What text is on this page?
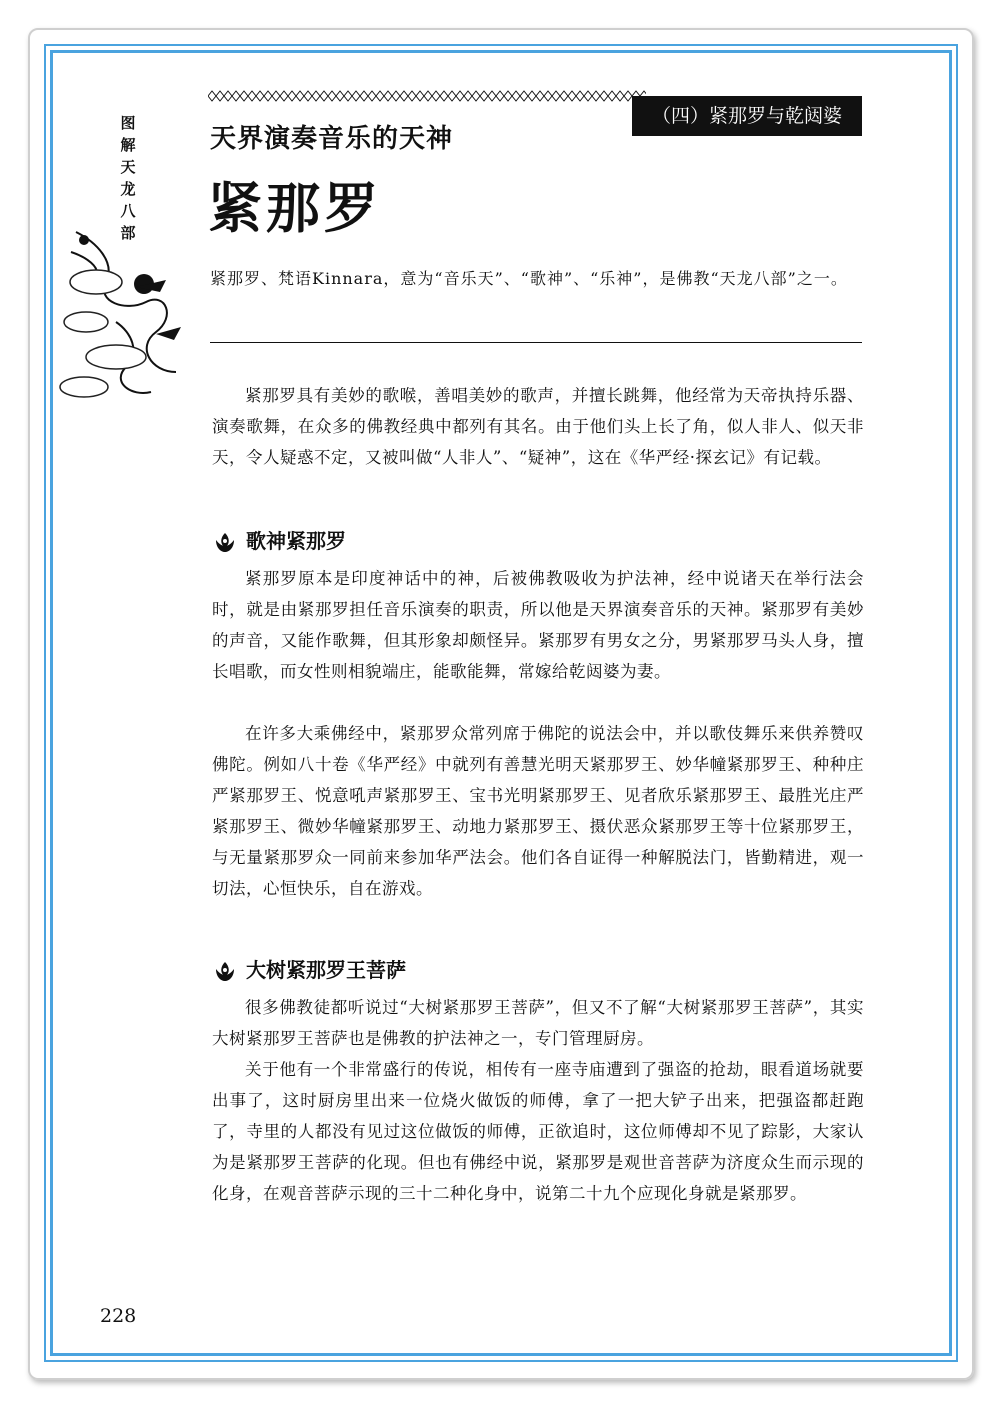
图
解
天
龙
八
部
（四）紧那罗与乾闼婆
天界演奏音乐的天神
紧那罗
紧那罗、梵语Kinnara，意为“音乐天”、“歌神”、“乐神”，是佛教“天龙八部”之一。
紧那罗具有美妙的歌喉，善唱美妙的歌声，并擅长跳舞，他经常为天帝执持乐器、演奏歌舞，在众多的佛教经典中都列有其名。由于他们头上长了角，似人非人、似天非天，令人疑惑不定，又被叫做“人非人”、“疑神”，这在《华严经·探玄记》有记载。
歌神紧那罗
紧那罗原本是印度神话中的神，后被佛教吸收为护法神，经中说诸天在举行法会时，就是由紧那罗担任音乐演奏的职责，所以他是天界演奏音乐的天神。紧那罗有美妙的声音，又能作歌舞，但其形象却颇怪异。紧那罗有男女之分，男紧那罗马头人身，擅长唱歌，而女性则相貌端庄，能歌能舞，常嫁给乾闼婆为妻。
在许多大乘佛经中，紧那罗众常列席于佛陀的说法会中，并以歌伎舞乐来供养赞叹佛陀。例如八十卷《华严经》中就列有善慧光明天紧那罗王、妙华幢紧那罗王、种种庄严紧那罗王、悦意吼声紧那罗王、宝书光明紧那罗王、见者欣乐紧那罗王、最胜光庄严紧那罗王、微妙华幢紧那罗王、动地力紧那罗王、摄伏恶众紧那罗王等十位紧那罗王，与无量紧那罗众一同前来参加华严法会。他们各自证得一种解脱法门，皆勤精进，观一切法，心恒快乐，自在游戏。
大树紧那罗王菩萨
很多佛教徒都听说过“大树紧那罗王菩萨”，但又不了解“大树紧那罗王菩萨”，其实大树紧那罗王菩萨也是佛教的护法神之一，专门管理厨房。
关于他有一个非常盛行的传说，相传有一座寺庙遭到了强盗的抢劫，眼看道场就要出事了，这时厨房里出来一位烧火做饭的师傅，拿了一把大铲子出来，把强盗都赶跑了，寺里的人都没有见过这位做饭的师傅，正欲追时，这位师傅却不见了踪影，大家认为是紧那罗王菩萨的化现。但也有佛经中说，紧那罗是观世音菩萨为济度众生而示现的化身，在观音菩萨示现的三十二种化身中，说第二十九个应现化身就是紧那罗。
228
